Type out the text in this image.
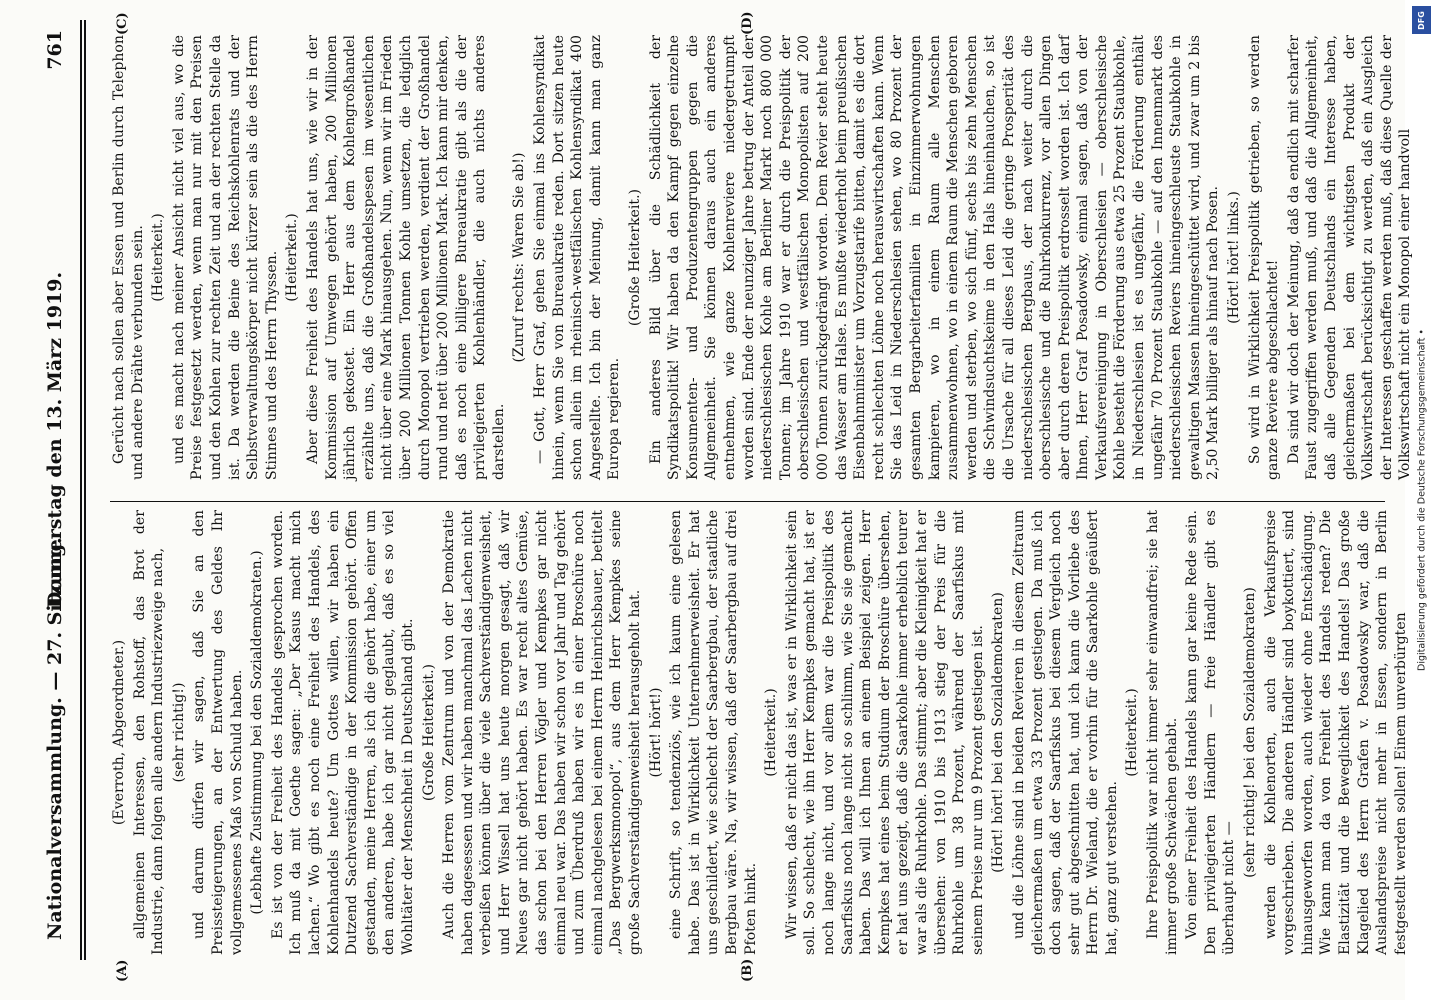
Nationalversammlung. — 27. Sitzung.
Donnerstag den 13. März 1919.
761
(A)	(B)
(C)	(D)

(Everroth, Abgeordneter.) allgemeinen Interessen, den Rohstoff, das Brot der Industrie, dann folgen alle andern Industriezweige nach, (sehr richtig!) und darum dürfen wir sagen, daß Sie an den Preissteigerungen, an der Entwertung des Geldes Ihr vollgemessenes Maß von Schuld haben. (Lebhafte Zustimmung bei den Sozialdemokraten.) Es ist von der Freiheit des Handels gesprochen worden. Ich muß da mit Goethe sagen: „Der Kasus macht mich lachen.“ Wo gibt es noch eine Freiheit des Handels, des Kohlenhandels heute? Um Gottes willen, wir haben ein Dutzend Sachverständige in der Kommission gehört. Offen gestanden, meine Herren, als ich die gehört habe, einer um den anderen, habe ich gar nicht geglaubt, daß es so viel Wohltäter der Menschheit in Deutschland gibt. (Große Heiterkeit.) Auch die Herren vom Zentrum und von der Demokratie haben dagesessen und wir haben manchmal das Lachen nicht verbeißen können über die viele Sachverständigenweisheit, und Herr Wissell hat uns heute morgen gesagt, daß wir Neues gar nicht gehört haben. Es war recht altes Gemüse, das schon bei den Herren Vögler und Kempkes gar nicht einmal neu war. Das haben wir schon vor Jahr und Tag gehört und zum Überdruß haben wir es in einer Broschüre noch einmal nachgelesen bei einem Herrn Heinrichsbauer, betitelt „Das Bergwerksmonopol“, aus dem Herr Kempkes seine große Sachverständigenweisheit herausgeholt hat. (Hört! hört!) eine Schrift, so tendenziös, wie ich kaum eine gelesen habe. Das ist in Wirklichkeit Unternehmerweisheit. Er hat uns geschildert, wie schlecht der Saarbergbau, der staatliche Bergbau wäre. Na, wir wissen, daß der Saarbergbau auf drei Pfoten hinkt.

(Heiterkeit.) Wir wissen, daß er nicht das ist, was er in Wirklichkeit sein soll. So schlecht, wie ihn Herr Kempkes gemacht hat, ist er noch lange nicht, und vor allem war die Preispolitik des Saarfiskus noch lange nicht so schlimm, wie Sie sie gemacht haben. Das will ich Ihnen an einem Beispiel zeigen. Herr Kempkes hat eines beim Studium der Broschüre übersehen, er hat uns gezeigt, daß die Saarkohle immer erheblich teurer war als die Ruhrkohle. Das stimmt; aber die Kleinigkeit hat er übersehen: von 1910 bis 1913 stieg der Preis für die Ruhrkohle um 38 Prozent, während der Saarfiskus mit seinem Preise nur um 9 Prozent gestiegen ist. (Hört! hört! bei den Sozialdemokraten) und die Löhne sind in beiden Revieren in diesem Zeitraum gleichermaßen um etwa 33 Prozent gestiegen. Da muß ich doch sagen, daß der Saarfiskus bei diesem Vergleich noch sehr gut abgeschnitten hat, und ich kann die Vorliebe des Herrn Dr. Wieland, die er vorhin für die Saarkohle geäußert hat, ganz gut verstehen.

(Heiterkeit.) Ihre Preispolitik war nicht immer sehr einwandfrei; sie hat immer große Schwächen gehabt. Von einer Freiheit des Handels kann gar keine Rede sein. Den privilegierten Händlern — freie Händler gibt es überhaupt nicht —

(sehr richtig! bei den Sozialdemokraten) werden die Kohlenorten, auch die Verkaufspreise vorgeschrieben. Die anderen Händler sind boykottiert, sind hinausgeworfen worden, auch wieder ohne Entschädigung. Wie kann man da von Freiheit des Handels reden? Die Elastizität und die Beweglichkeit des Handels! Das große Klagelied des Herrn Grafen v. Posadowsky war, daß die Auslandspreise nicht mehr in Essen, sondern in Berlin festgestellt werden sollen! Einem unverbürgten

Gerücht nach sollen aber Essen und Berlin durch Telephon und andere Drähte verbunden sein. (Heiterkeit.) und es macht nach meiner Ansicht nicht viel aus, wo die Preise festgesetzt werden, wenn man nur mit den Preisen und den Kohlen zur rechten Zeit und an der rechten Stelle da ist. Da werden die Beine des Reichskohlenrats und der Selbstverwaltungskörper nicht kürzer sein als die des Herrn Stinnes und des Herrn Thyssen. (Heiterkeit.) Aber diese Freiheit des Handels hat uns, wie wir in der Kommission auf Umwegen gehört haben, 200 Millionen jährlich gekostet. Ein Herr aus dem Kohlengroßhandel erzählte uns, daß die Großhandelsspesen im wesentlichen nicht über eine Mark hinausgehen. Nun, wenn wir im Frieden über 200 Millionen Tonnen Kohle umsetzen, die lediglich durch Monopol vertrieben werden, verdient der Großhandel rund und nett über 200 Millionen Mark. Ich kann mir denken, daß es noch eine billigere Bureaukratie gibt als die der privilegierten Kohlenhändler, die auch nichts anderes darstellen.

(Zuruf rechts: Waren Sie ab!) — Gott, Herr Graf, gehen Sie einmal ins Kohlensyndikat hinein, wenn Sie von Bureaukratie reden. Dort sitzen heute schon allein im rheinisch-westfälischen Kohlensyndikat 400 Angestellte. Ich bin der Meinung, damit kann man ganz Europa regieren.

(Große Heiterkeit.) Ein anderes Bild über die Schädlichkeit der Syndikatspolitik! Wir haben da den Kampf gegen einzelne Konsumenten- und Produzentengruppen gegen die Allgemeinheit. Sie können daraus auch ein anderes entnehmen, wie ganze Kohlenreviere niedergetrumpft worden sind. Ende der neunziger Jahre betrug der Anteil der niederschlesischen Kohle am Berliner Markt noch 800 000 Tonnen; im Jahre 1910 war er durch die Preispolitik der oberschlesischen und westfälischen Monopolisten auf 200 000 Tonnen zurückgedrängt worden. Dem Revier steht heute das Wasser am Halse. Es mußte wiederholt beim preußischen Eisenbahnminister um Vorzugstarife bitten, damit es die dort recht schlechten Löhne noch herauswirtschaften kann. Wenn Sie das Leid in Niederschlesien sehen, wo 80 Prozent der gesamten Bergarbeiterfamilien in Einzimmerwohnungen kampieren, wo in einem Raum alle Menschen zusammenwohnen, wo in einem Raum die Menschen geboren werden und sterben, wo sich fünf, sechs bis zehn Menschen die Schwindsuchtskeime in den Hals hineinhauchen, so ist die Ursache für all dieses Leid die geringe Prosperität des niederschlesischen Bergbaus, der nach weiter durch die oberschlesische und die Ruhrkonkurrenz, vor allen Dingen aber durch deren Preispolitik erdrosselt worden ist. Ich darf Ihnen, Herr Graf Posadowsky, einmal sagen, daß von der Verkaufsvereinigung in Oberschlesien — oberschlesische Kohle besteht die Förderung aus etwa 25 Prozent Staubkohle, in Niederschlesien ist es ungefähr, die Förderung enthält ungefähr 70 Prozent Staubkohle — auf den Innenmarkt des niederschlesischen Reviers hineingeschleuste Staubkohle in gewaltigen Massen hineingeschüttet wird, und zwar um 2 bis 2,50 Mark billiger als hinauf nach Posen. (Hört! hört! links.) So wird in Wirklichkeit Preispolitik getrieben, so werden ganze Reviere abgeschlachtet! Da sind wir doch der Meinung, daß da endlich mit scharfer Faust zugegriffen werden muß, und daß die Allgemeinheit, daß alle Gegenden Deutschlands ein Interesse haben, gleichermaßen bei dem wichtigsten Produkt der Volkswirtschaft berücksichtigt zu werden, daß ein Ausgleich der Interessen geschaffen werden muß, daß diese Quelle der Volkswirtschaft nicht ein Monopol einer handvoll

DFG
Digitalisierung gefördert durch die Deutsche Forschungsgemeinschaft •
